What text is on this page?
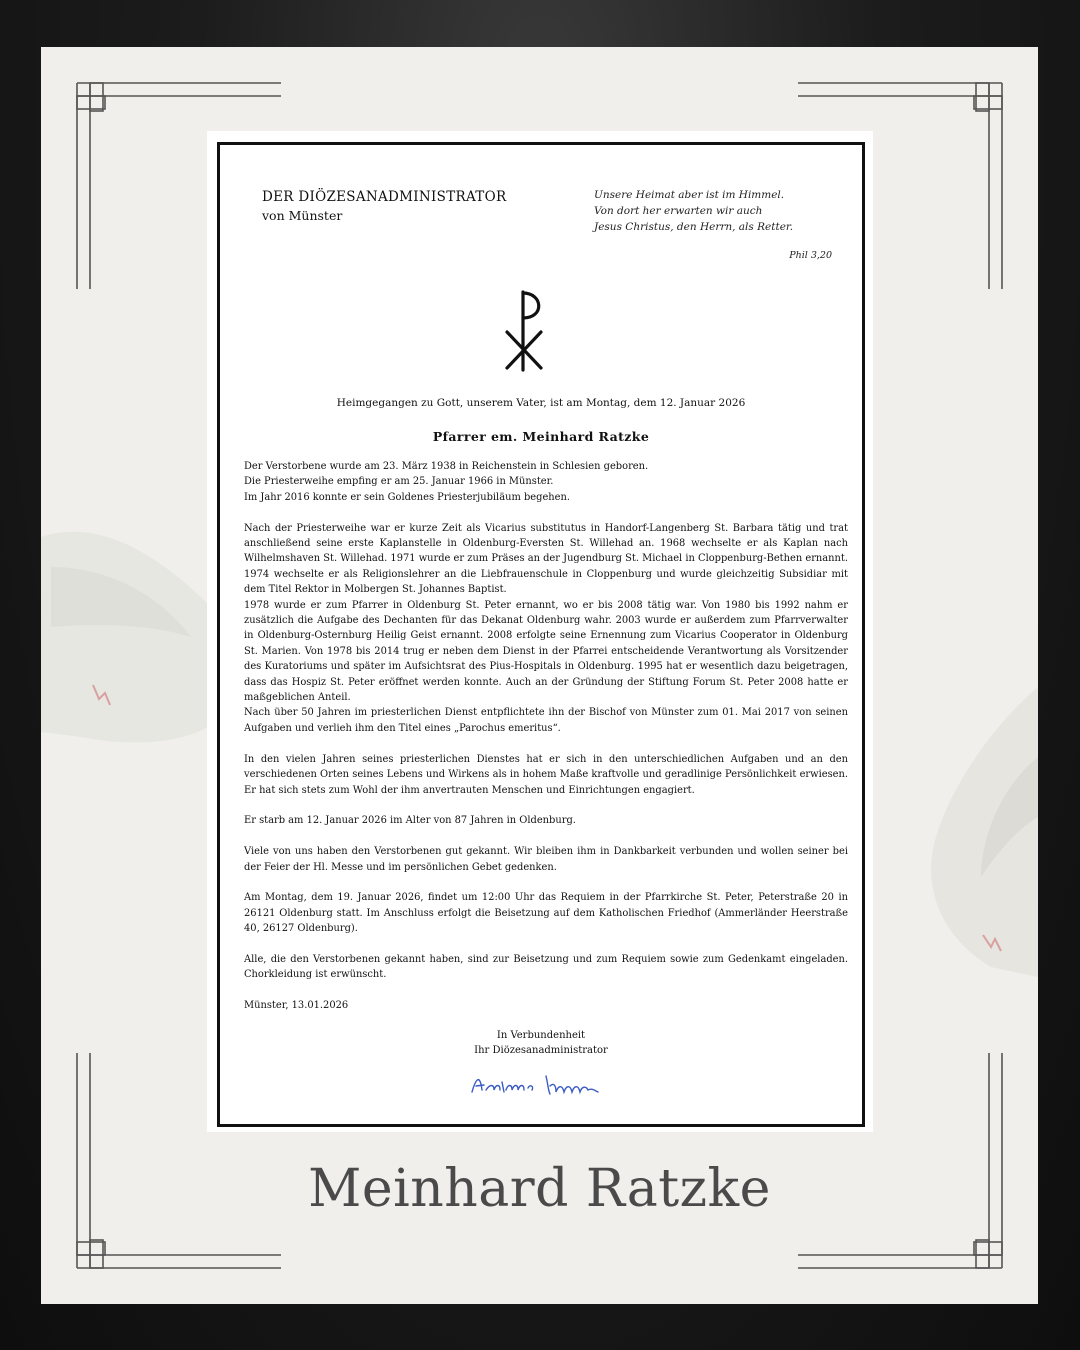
DER DIÖZESANADMINISTRATOR
von Münster
Unsere Heimat aber ist im Himmel.
Von dort her erwarten wir auch
Jesus Christus, den Herrn, als Retter.
Phil 3,20
Heimgegangen zu Gott, unserem Vater, ist am Montag, dem 12. Januar 2026
Pfarrer em. Meinhard Ratzke

Der Verstorbene wurde am 23. März 1938 in Reichenstein in Schlesien geboren.

Die Priesterweihe empfing er am 25. Januar 1966 in Münster.

Im Jahr 2016 konnte er sein Goldenes Priesterjubiläum begehen.

Nach der Priesterweihe war er kurze Zeit als Vicarius substitutus in Handorf-Langenberg St. Barbara tätig und trat anschließend seine erste Kaplanstelle in Oldenburg-Eversten St. Willehad an. 1968 wechselte er als Kaplan nach Wilhelmshaven St. Willehad. 1971 wurde er zum Präses an der Jugendburg St. Michael in Cloppenburg-Bethen ernannt. 1974 wechselte er als Religionslehrer an die Liebfrauenschule in Cloppenburg und wurde gleichzeitig Subsidiar mit dem Titel Rektor in Molbergen St. Johannes Baptist.

1978 wurde er zum Pfarrer in Oldenburg St. Peter ernannt, wo er bis 2008 tätig war. Von 1980 bis 1992 nahm er zusätzlich die Aufgabe des Dechanten für das Dekanat Oldenburg wahr. 2003 wurde er außerdem zum Pfarrverwalter in Oldenburg-Osternburg Heilig Geist ernannt. 2008 erfolgte seine Ernennung zum Vicarius Cooperator in Oldenburg St. Marien. Von 1978 bis 2014 trug er neben dem Dienst in der Pfarrei entscheidende Verantwortung als Vorsitzender des Kuratoriums und später im Aufsichtsrat des Pius-Hospitals in Oldenburg. 1995 hat er wesentlich dazu beigetragen, dass das Hospiz St. Peter eröffnet werden konnte. Auch an der Gründung der Stiftung Forum St. Peter 2008 hatte er maßgeblichen Anteil.

Nach über 50 Jahren im priesterlichen Dienst entpflichtete ihn der Bischof von Münster zum 01. Mai 2017 von seinen Aufgaben und verlieh ihm den Titel eines „Parochus emeritus“.

In den vielen Jahren seines priesterlichen Dienstes hat er sich in den unterschiedlichen Aufgaben und an den verschiedenen Orten seines Lebens und Wirkens als in hohem Maße kraftvolle und geradlinige Persönlichkeit erwiesen. Er hat sich stets zum Wohl der ihm anvertrauten Menschen und Einrichtungen engagiert.

Er starb am 12. Januar 2026 im Alter von 87 Jahren in Oldenburg.

Viele von uns haben den Verstorbenen gut gekannt. Wir bleiben ihm in Dankbarkeit verbunden und wollen seiner bei der Feier der Hl. Messe und im persönlichen Gebet gedenken.

Am Montag, dem 19. Januar 2026, findet um 12:00 Uhr das Requiem in der Pfarrkirche St. Peter, Peterstraße 20 in 26121 Oldenburg statt. Im Anschluss erfolgt die Beisetzung auf dem Katholischen Friedhof (Ammerländer Heerstraße 40, 26127 Oldenburg).

Alle, die den Verstorbenen gekannt haben, sind zur Beisetzung und zum Requiem sowie zum Gedenkamt eingeladen. Chorkleidung ist erwünscht.

Münster, 13.01.2026

In Verbundenheit
Ihr Diözesanadministrator
Meinhard Ratzke
